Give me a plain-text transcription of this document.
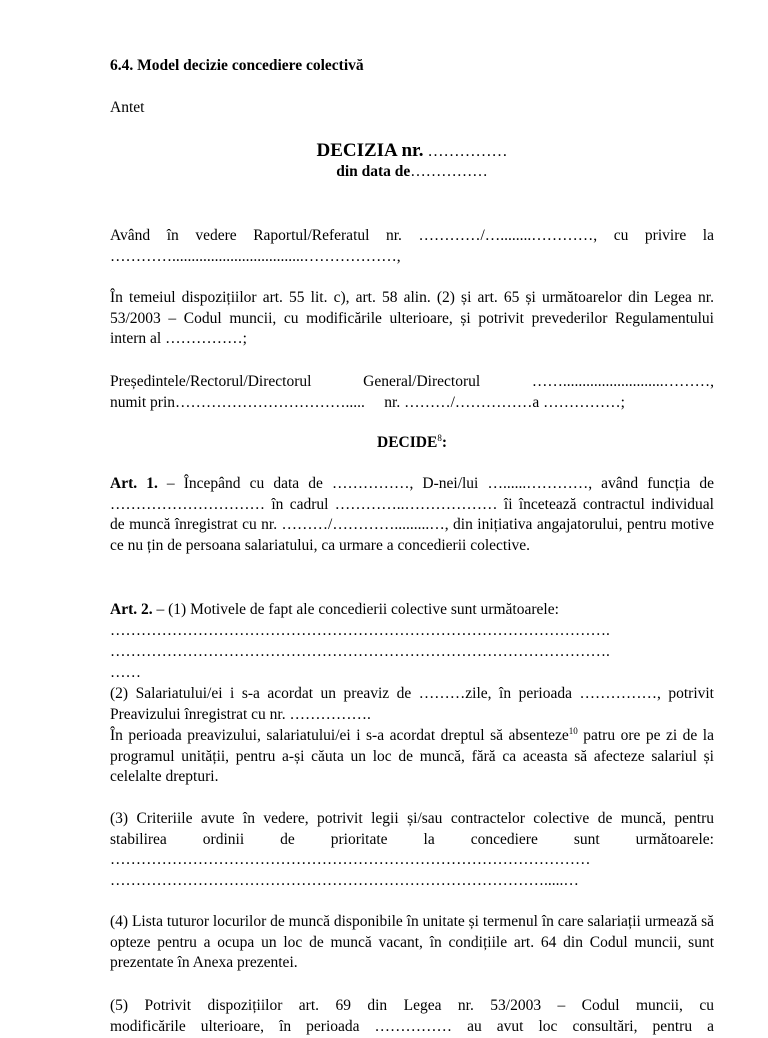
6.4. Model decizie concediere colectivă

Antet

DECIZIA nr. ……………

din data de……………

Având în vedere Raportul/Referatul nr. …………/…........…………, cu privire la

…………..................................………………,

În temeiul dispozițiilor art. 55 lit. c), art. 58 alin. (2) și art. 65 și următoarelor din Legea nr. 53/2003 – Codul muncii, cu modificările ulterioare, și potrivit prevederilor Regulamentului intern al ……………;

Președintele/Rectorul/Directorul General/Directorul ……..........................………,

numit prin…………………………….....     nr. ………/……………a ……………;

DECIDE$^8$:

Art. 1. – Începând cu data de ……………, D-nei/lui …......…………, având funcția de ………………………… în cadrul …………..……………… îi încetează contractul individual de muncă înregistrat cu nr. ………/………….........…, din inițiativa angajatorului, pentru motive ce nu țin de persoana salariatului, ca urmare a concedierii colective.

Art. 2. – (1) Motivele de fapt ale concedierii colective sunt următoarele:

…………………………………………………………………………………….

…………………………………………………………………………………….

……

(2) Salariatului/ei i s-a acordat un preaviz de ………zile, în perioada ……………, potrivit Preavizului înregistrat cu nr. …………….

În perioada preavizului, salariatului/ei i s-a acordat dreptul să absenteze$^{10}$ patru ore pe zi de la programul unității, pentru a-și căuta un loc de muncă, fără ca aceasta să afecteze salariul și celelalte drepturi.

(3) Criteriile avute în vedere, potrivit legii și/sau contractelor colective de muncă, pentru stabilirea ordinii de prioritate la concediere sunt următoarele:

…………………………………………………………………………………

………………………………………………………………………….....…

(4) Lista tuturor locurilor de muncă disponibile în unitate și termenul în care salariații urmează să opteze pentru a ocupa un loc de muncă vacant, în condițiile art. 64 din Codul muncii, sunt prezentate în Anexa prezentei.

(5) Potrivit dispozițiilor art. 69 din Legea nr. 53/2003 – Codul muncii, cu

modificările ulterioare, în perioada …………… au avut loc consultări, pentru a
